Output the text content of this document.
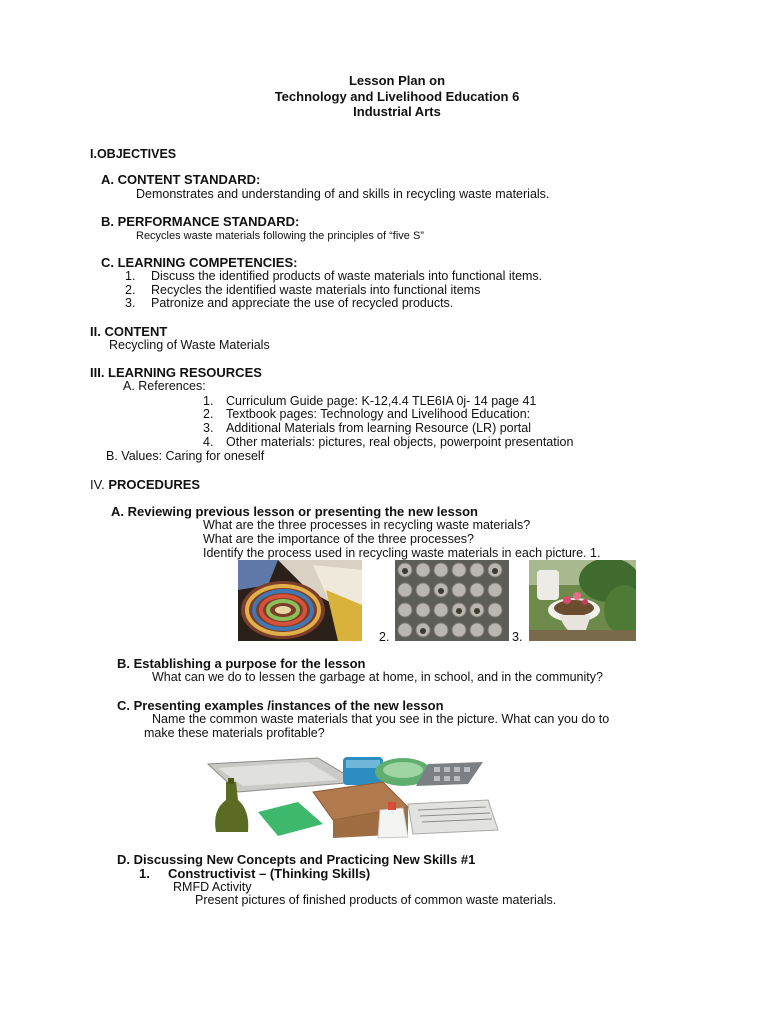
Lesson Plan on
Technology and Livelihood Education 6
Industrial Arts
I.OBJECTIVES
A. CONTENT STANDARD:
Demonstrates and understanding of and skills in recycling waste materials.
B. PERFORMANCE STANDARD:
Recycles waste materials following the principles of “five S”
C. LEARNING COMPETENCIES:
1. Discuss the identified products of waste materials into functional items.
2. Recycles the identified waste materials into functional items
3. Patronize and appreciate the use of recycled products.
II. CONTENT
Recycling of Waste Materials
III. LEARNING RESOURCES
A. References:
1. Curriculum Guide page: K-12,4.4 TLE6IA 0j- 14 page 41
2. Textbook pages: Technology and Livelihood Education:
3. Additional Materials from learning Resource (LR) portal
4. Other materials: pictures, real objects, powerpoint presentation
B. Values: Caring for oneself
IV. PROCEDURES
A. Reviewing previous lesson or presenting the new lesson
What are the three processes in recycling waste materials?
What are the importance of the three processes?
Identify the process used in recycling waste materials in each picture. 1.
2.	3.
B. Establishing a purpose for the lesson
What can we do to lessen the garbage at home, in school, and in the community?
C. Presenting examples /instances of the new lesson
Name the common waste materials that you see in the picture. What can you do to
make these materials profitable?
D. Discussing New Concepts and Practicing New Skills #1
1. Constructivist – (Thinking Skills)
RMFD Activity
Present pictures of finished products of common waste materials.
